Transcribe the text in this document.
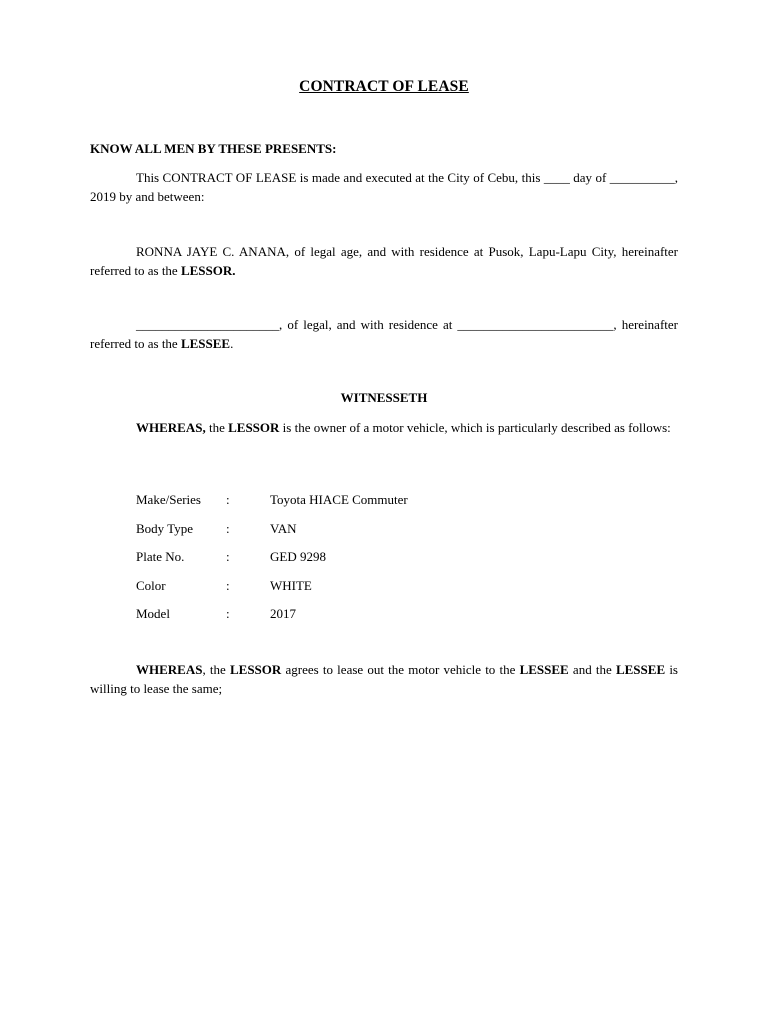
CONTRACT OF LEASE
KNOW ALL MEN BY THESE PRESENTS:

This CONTRACT OF LEASE is made and executed at the City of Cebu, this ____ day of __________, 2019 by and between:

RONNA JAYE C. ANANA, of legal age, and with residence at Pusok, Lapu-Lapu City, hereinafter referred to as the LESSOR.

______________________, of legal, and with residence at ________________________, hereinafter referred to as the LESSEE.

WITNESSETH

WHEREAS, the LESSOR is the owner of a motor vehicle, which is particularly described as follows:

Make/Series :	Toyota HIACE Commuter
Body Type	:	VAN
Plate No.	:	GED 9298
Color	:	WHITE
Model	:	2017

WHEREAS, the LESSOR agrees to lease out the motor vehicle to the LESSEE and the LESSEE is willing to lease the same;
